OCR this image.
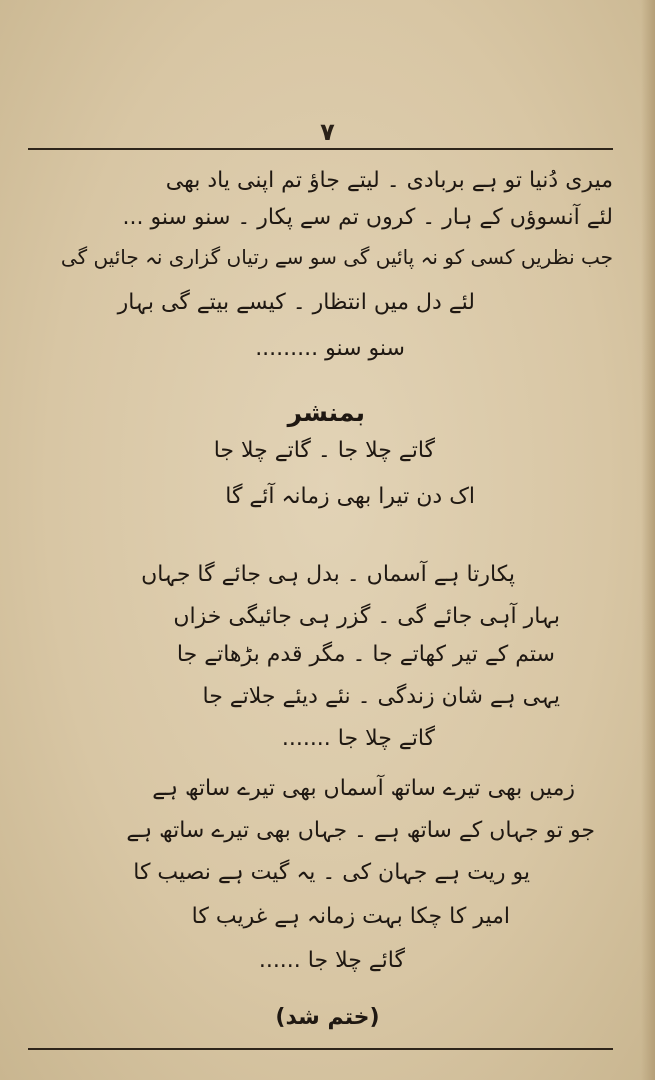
۷
میری دُنیا تو ہے بربادی ۔ لیتے جاؤ تم اپنی یاد بھی
لئے آنسوؤں کے ہار ۔ کروں تم سے پکار ۔ سنو سنو ...
جب نظریں کسی کو نہ پائیں گی سو سے رتیاں گزاری نہ جائیں گی
لئے دل میں انتظار ۔ کیسے بیتے گی بہار
سنو سنو .........
بمنشر
گاتے چلا جا ۔ گاتے چلا جا
اک دن تیرا بھی زمانہ آئے گا
پکارتا ہے آسماں ۔ بدل ہی جائے گا جہاں
بہار آہی جائے گی ۔ گزر ہی جائیگی خزاں
ستم کے تیر کھاتے جا ۔ مگر قدم بڑھاتے جا
یہی ہے شان زندگی ۔ نئے دیئے جلاتے جا
گاتے چلا جا .......
زمیں بھی تیرے ساتھ آسماں بھی تیرے ساتھ ہے
جو تو جہاں کے ساتھ ہے ۔ جہاں بھی تیرے ساتھ ہے
یو ریت ہے جہان کی ۔ یہ گیت ہے نصیب کا
امیر کا چکا بہت زمانہ ہے غریب کا
گائے چلا جا ......
(ختم شد)
